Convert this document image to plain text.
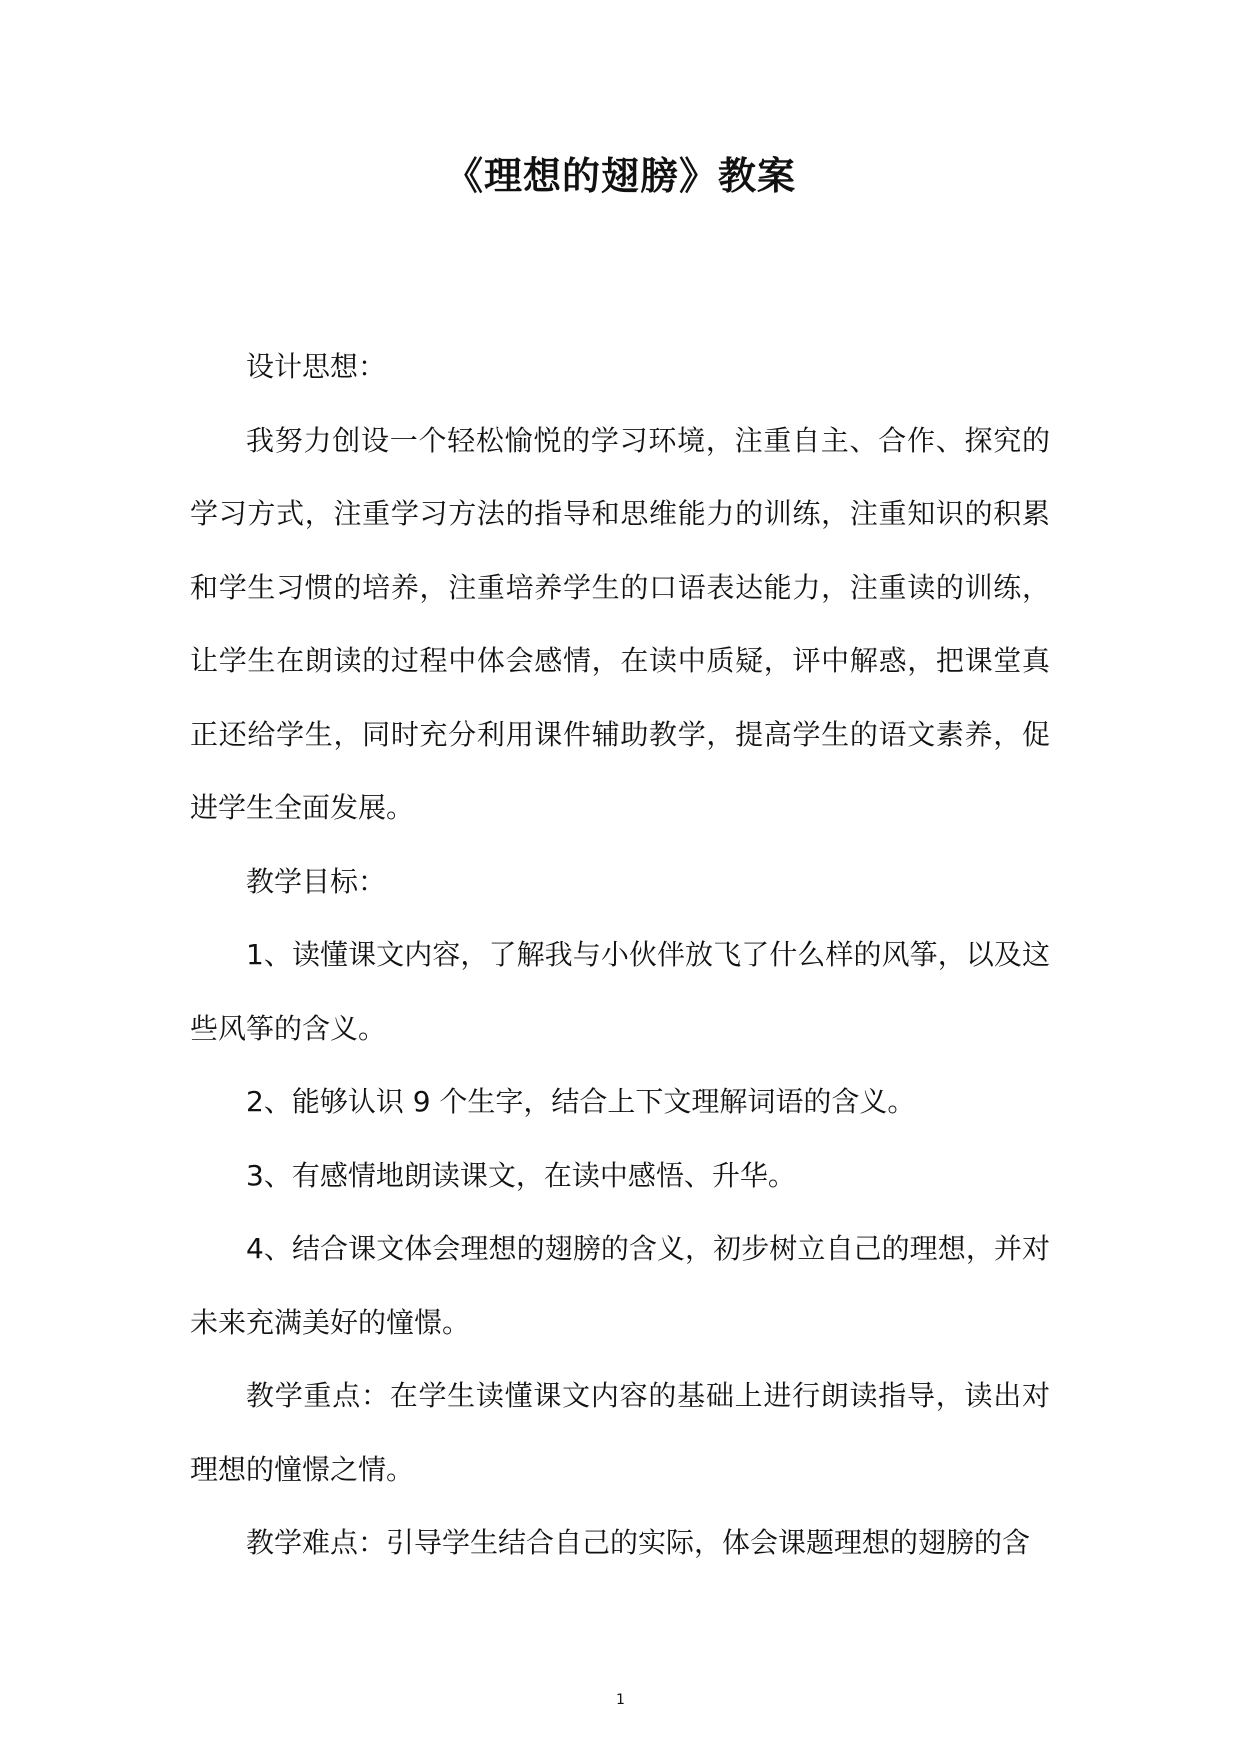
《理想的翅膀》教案

设计思想：

我努力创设一个轻松愉悦的学习环境，注重自主、合作、探究的学习方式，注重学习方法的指导和思维能力的训练，注重知识的积累和学生习惯的培养，注重培养学生的口语表达能力，注重读的训练，让学生在朗读的过程中体会感情，在读中质疑，评中解惑，把课堂真正还给学生，同时充分利用课件辅助教学，提高学生的语文素养，促进学生全面发展。

教学目标：

1、读懂课文内容，了解我与小伙伴放飞了什么样的风筝，以及这些风筝的含义。

2、能够认识 9 个生字，结合上下文理解词语的含义。

3、有感情地朗读课文，在读中感悟、升华。

4、结合课文体会理想的翅膀的含义，初步树立自己的理想，并对未来充满美好的憧憬。

教学重点：在学生读懂课文内容的基础上进行朗读指导，读出对理想的憧憬之情。

教学难点：引导学生结合自己的实际，体会课题理想的翅膀的含

1
